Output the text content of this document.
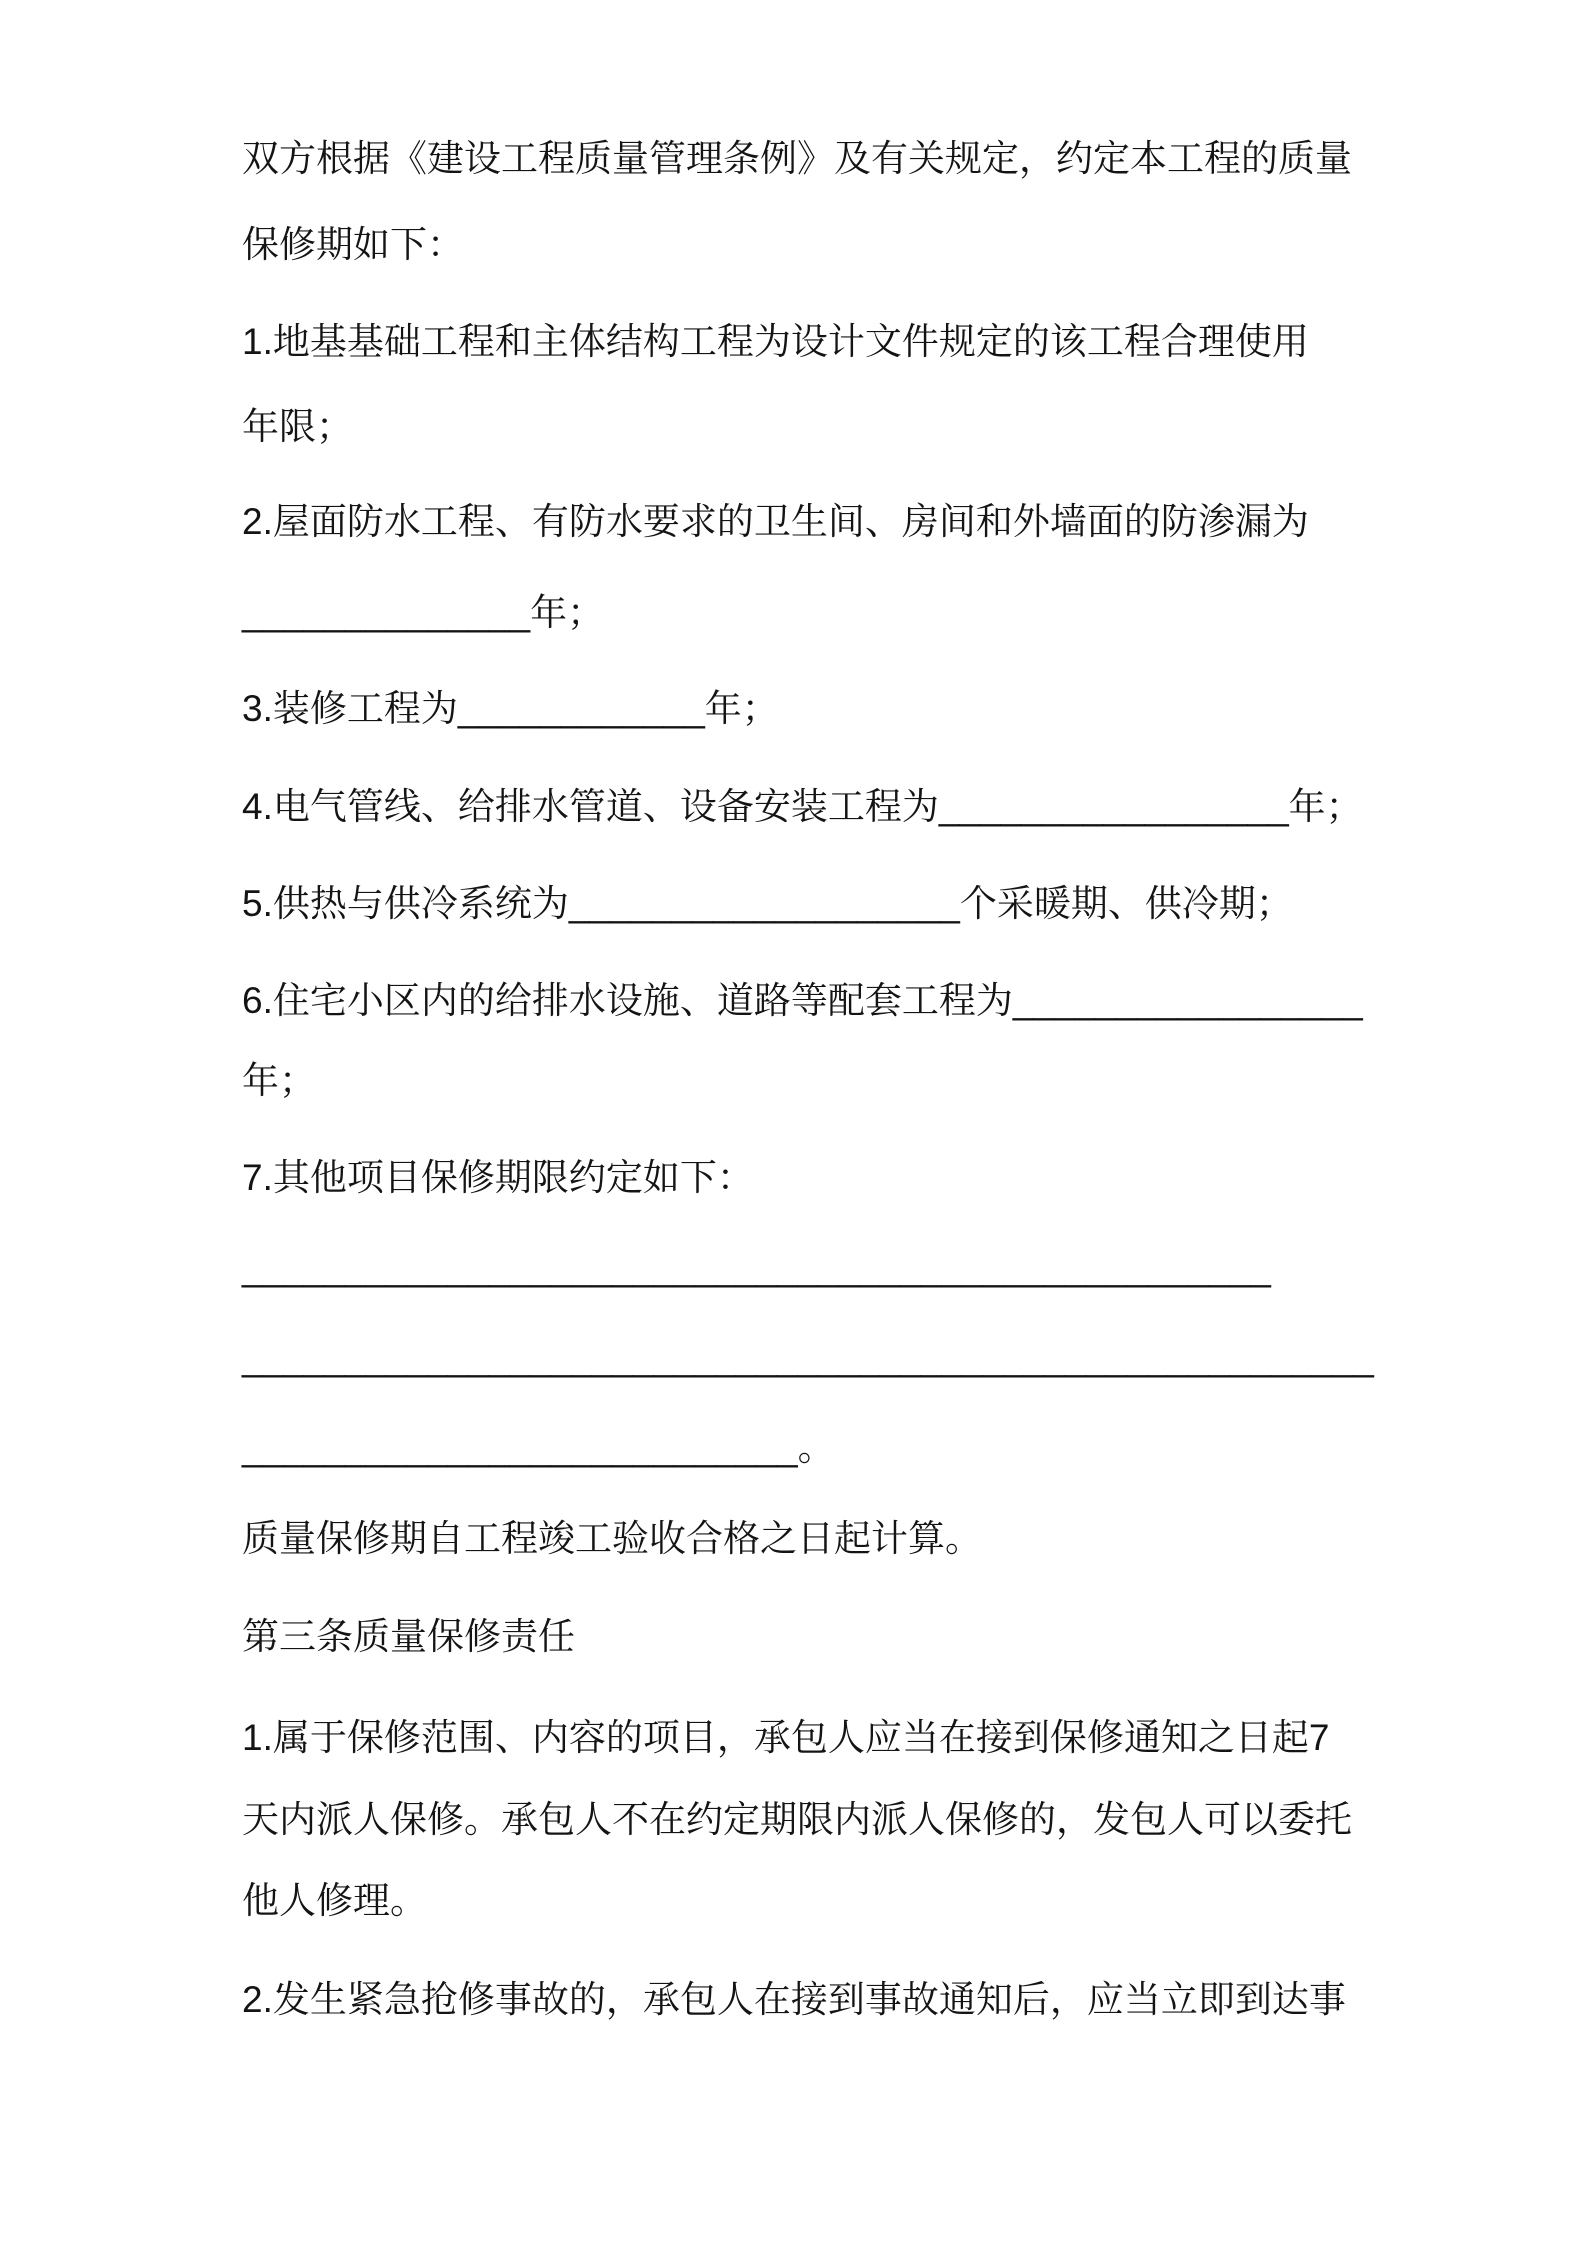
双方根据《建设工程质量管理条例》及有关规定，约定本工程的质量
保修期如下：
1.地基基础工程和主体结构工程为设计文件规定的该工程合理使用
年限；
2.屋面防水工程、有防水要求的卫生间、房间和外墙面的防渗漏为
______________年；
3.装修工程为____________年；
4.电气管线、给排水管道、设备安装工程为_________________年；
5.供热与供冷系统为___________________个采暖期、供冷期；
6.住宅小区内的给排水设施、道路等配套工程为_________________
年；
7.其他项目保修期限约定如下：
__________________________________________________
_______________________________________________________
___________________________。
质量保修期自工程竣工验收合格之日起计算。
第三条质量保修责任
1.属于保修范围、内容的项目，承包人应当在接到保修通知之日起7
天内派人保修。承包人不在约定期限内派人保修的，发包人可以委托
他人修理。
2.发生紧急抢修事故的，承包人在接到事故通知后，应当立即到达事
